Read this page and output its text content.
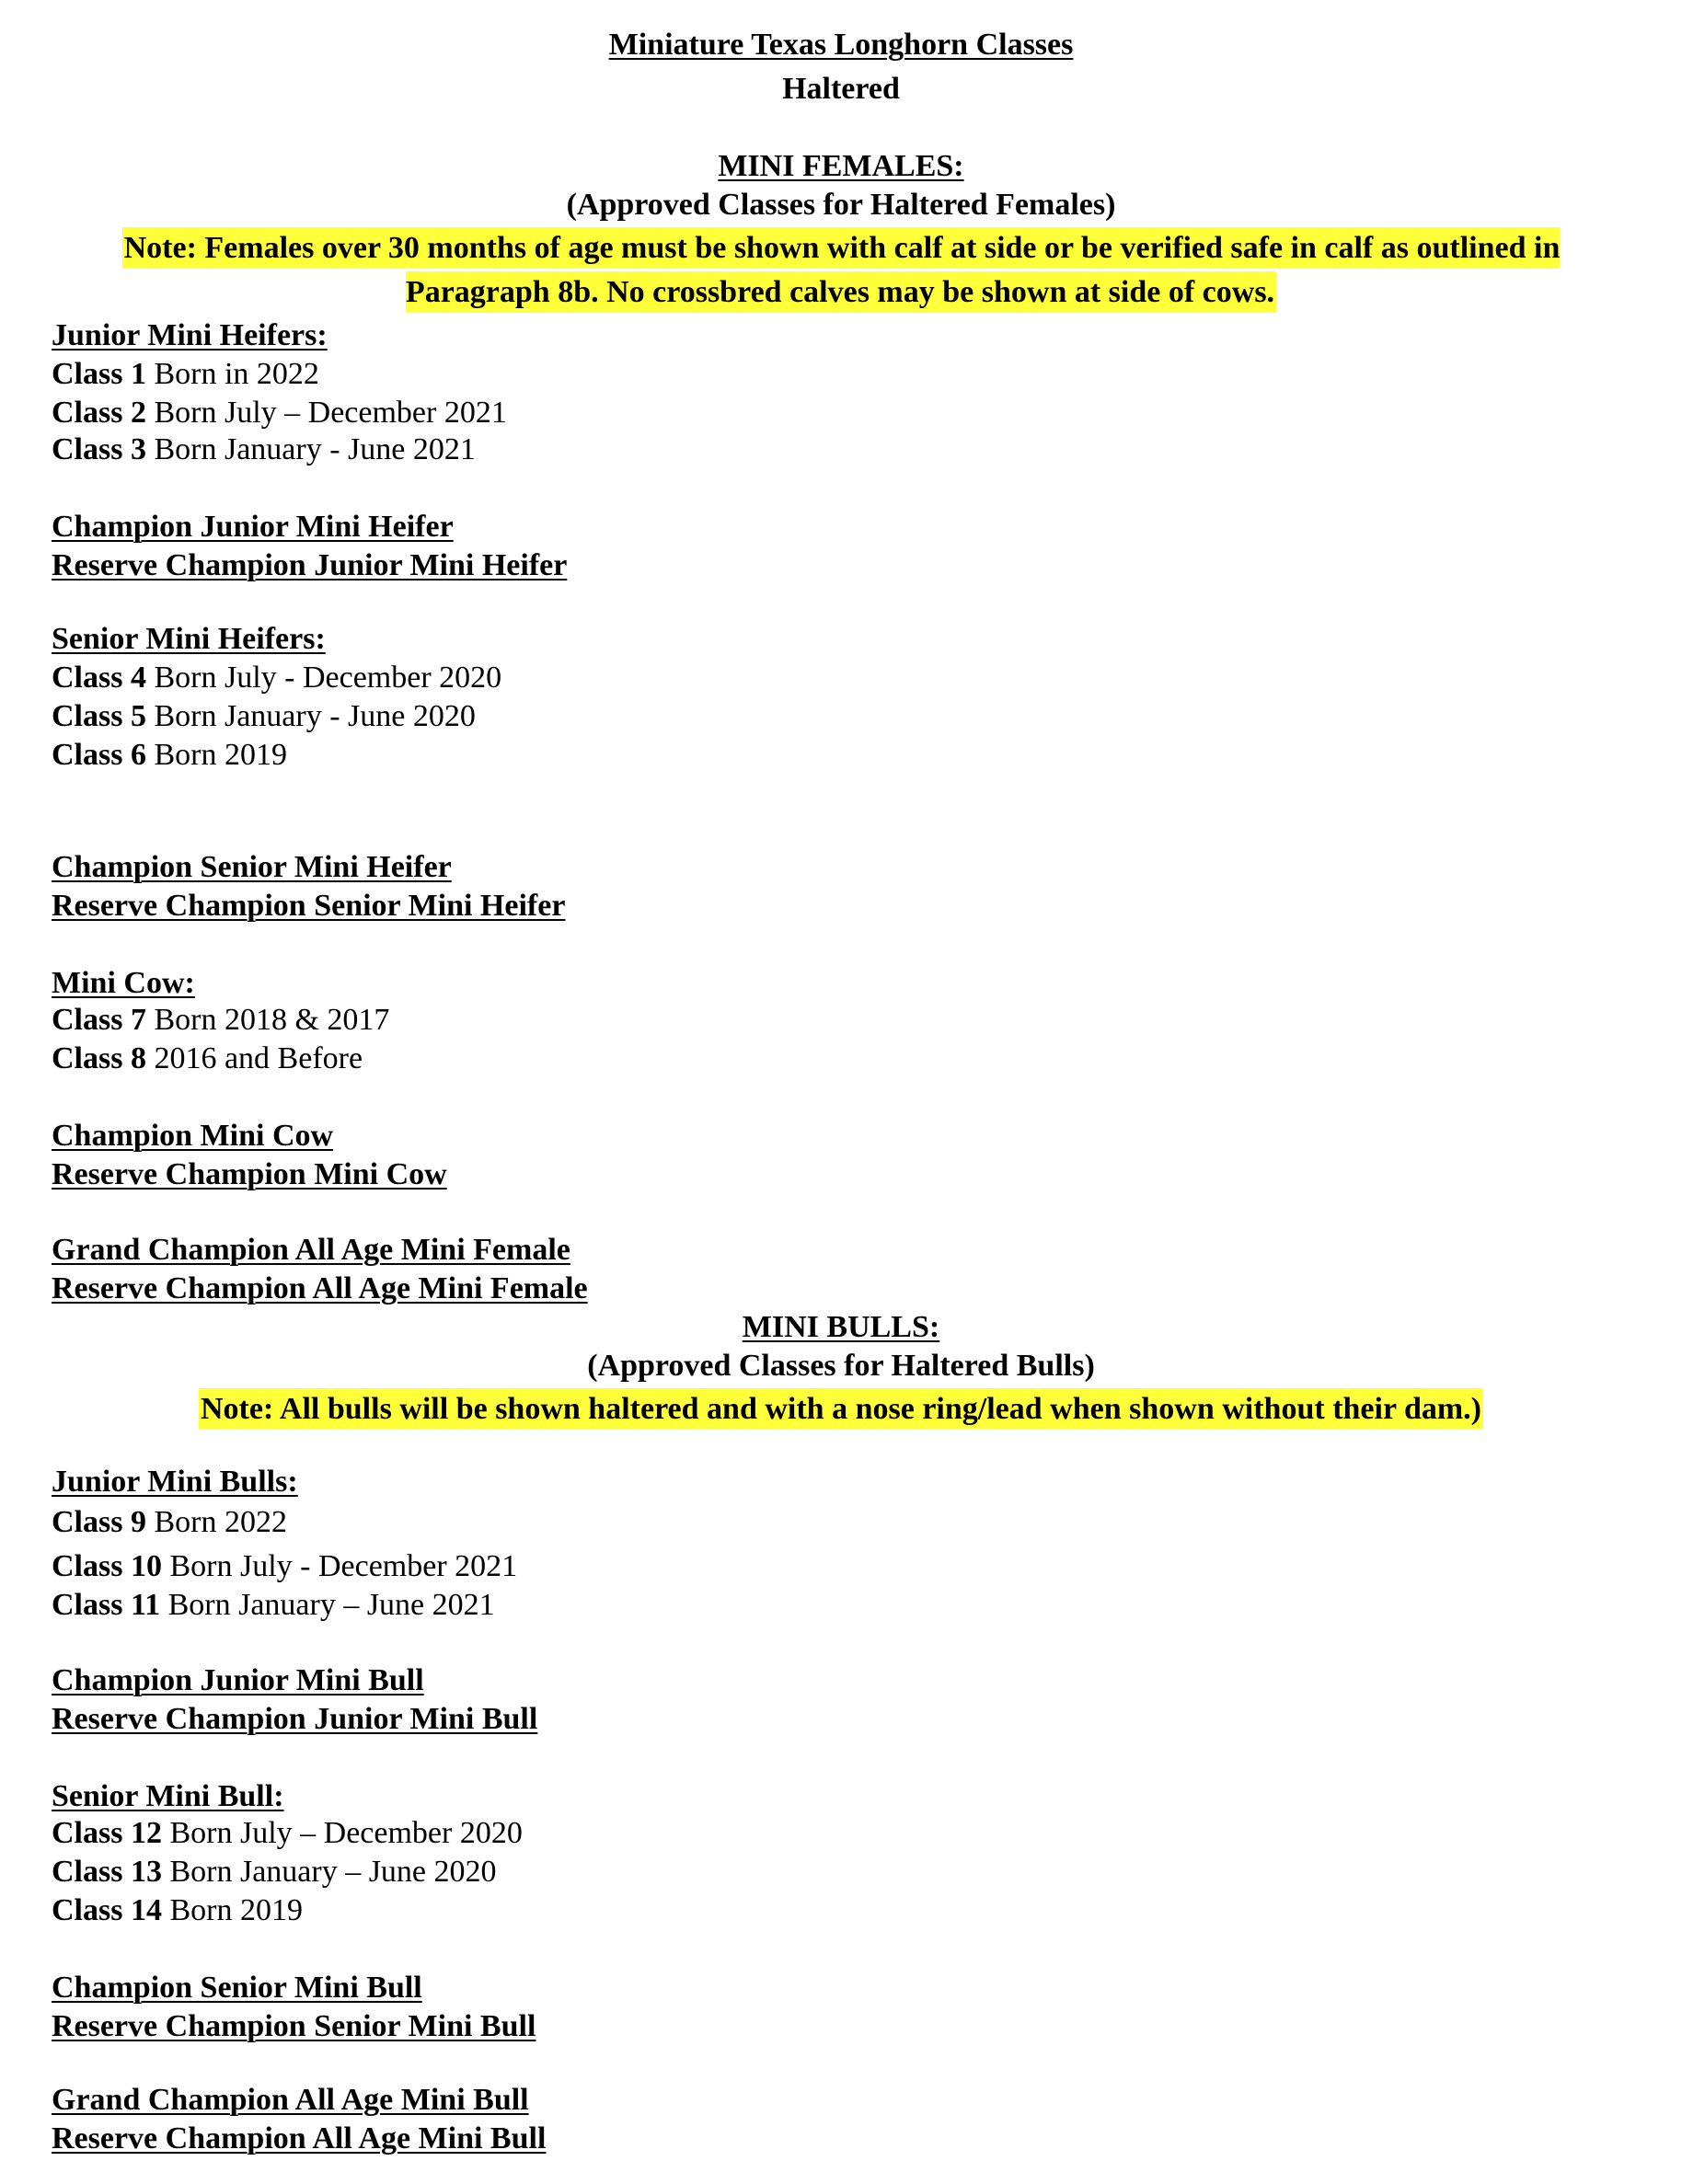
Miniature Texas Longhorn Classes
Haltered
MINI FEMALES:
(Approved Classes for Haltered Females)
Note: Females over 30 months of age must be shown with calf at side or be verified safe in calf as outlined in Paragraph 8b. No crossbred calves may be shown at side of cows.
Junior Mini Heifers:
Class 1 Born in 2022
Class 2 Born July – December 2021
Class 3 Born January - June 2021
Champion Junior Mini Heifer
Reserve Champion Junior Mini Heifer
Senior Mini Heifers:
Class 4 Born July - December 2020
Class 5 Born January - June 2020
Class 6 Born 2019
Champion Senior Mini Heifer
Reserve Champion Senior Mini Heifer
Mini Cow:
Class 7 Born 2018 & 2017
Class 8 2016 and Before
Champion Mini Cow
Reserve Champion Mini Cow
Grand Champion All Age Mini Female
Reserve Champion All Age Mini Female
MINI BULLS:
(Approved Classes for Haltered Bulls)
Note: All bulls will be shown haltered and with a nose ring/lead when shown without their dam.)
Junior Mini Bulls:
Class 9 Born 2022
Class 10 Born July - December 2021
Class 11 Born January – June 2021
Champion Junior Mini Bull
Reserve Champion Junior Mini Bull
Senior Mini Bull:
Class 12 Born July – December 2020
Class 13 Born January – June 2020
Class 14 Born 2019
Champion Senior Mini Bull
Reserve Champion Senior Mini Bull
Grand Champion All Age Mini Bull
Reserve Champion All Age Mini Bull
